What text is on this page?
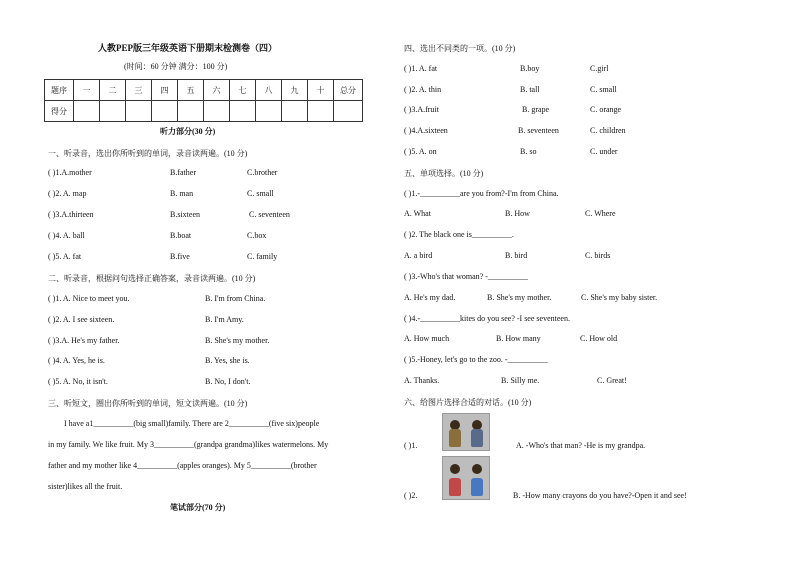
人教PEP版三年级英语下册期末检测卷（四）
(时间：60 分钟 满分：100 分)
题序	一	二	三	四	五	六	七	八	九	十	总分
得分											
听力部分(30 分)
一、听录音，选出你所听到的单词，录音读两遍。(10 分)
( )1.A.mother	B.father	C.brother
( )2. A. map	B. man	C. small
( )3.A.thirteen	B.sixteen	C. seventeen
( )4. A. ball	B.boat	C.box
( )5. A. fat	B.five	C. family
二、听录音，根据问句选择正确答案，录音读两遍。(10 分)
( )1. A. Nice to meet you.	B. I'm from China.
( )2. A. I see sixteen.	B. I'm Amy.
( )3.A. He's my father.	B. She's my mother.
( )4. A. Yes, he is.	B. Yes, she is.
( )5. A. No, it isn't.	B. No, I don't.
三、听短文，圈出你所听到的单词，短文读两遍。(10 分)
I have a1__________(big small)family. There are 2__________(five six)people
in my family. We like fruit. My 3__________(grandpa grandma)likes watermelons. My
father and my mother like 4__________(apples oranges). My 5__________(brother
sister)likes all the fruit.
笔试部分(70 分)
四、选出不同类的一项。(10 分)
( )1. A. fat	B.boy	C.girl
( )2. A. thin	B. tall	C. small
( )3.A.fruit	B. grape	C. orange
( )4.A.sixteen	B. seventeen	C. children
( )5. A. on	B. so	C. under
五、单项选择。(10 分)
( )1.-__________are you from?-I'm from China.
A. What	B. How	C. Where
( )2. The black one is__________.
A. a bird	B. bird	C. birds
( )3.-Who's that woman? -__________
A. He's my dad.	B. She's my mother.	C. She's my baby sister.
( )4.-__________kites do you see? -I see seventeen.
A. How much	B. How many	C. How old
( )5.-Honey, let's go to the zoo. -__________
A. Thanks.	B. Silly me.	C. Great!
六、给图片选择合适的对话。(10 分)
( )1.	A. -Who's that man? -He is my grandpa.
( )2.	B. -How many crayons do you have?-Open it and see!
